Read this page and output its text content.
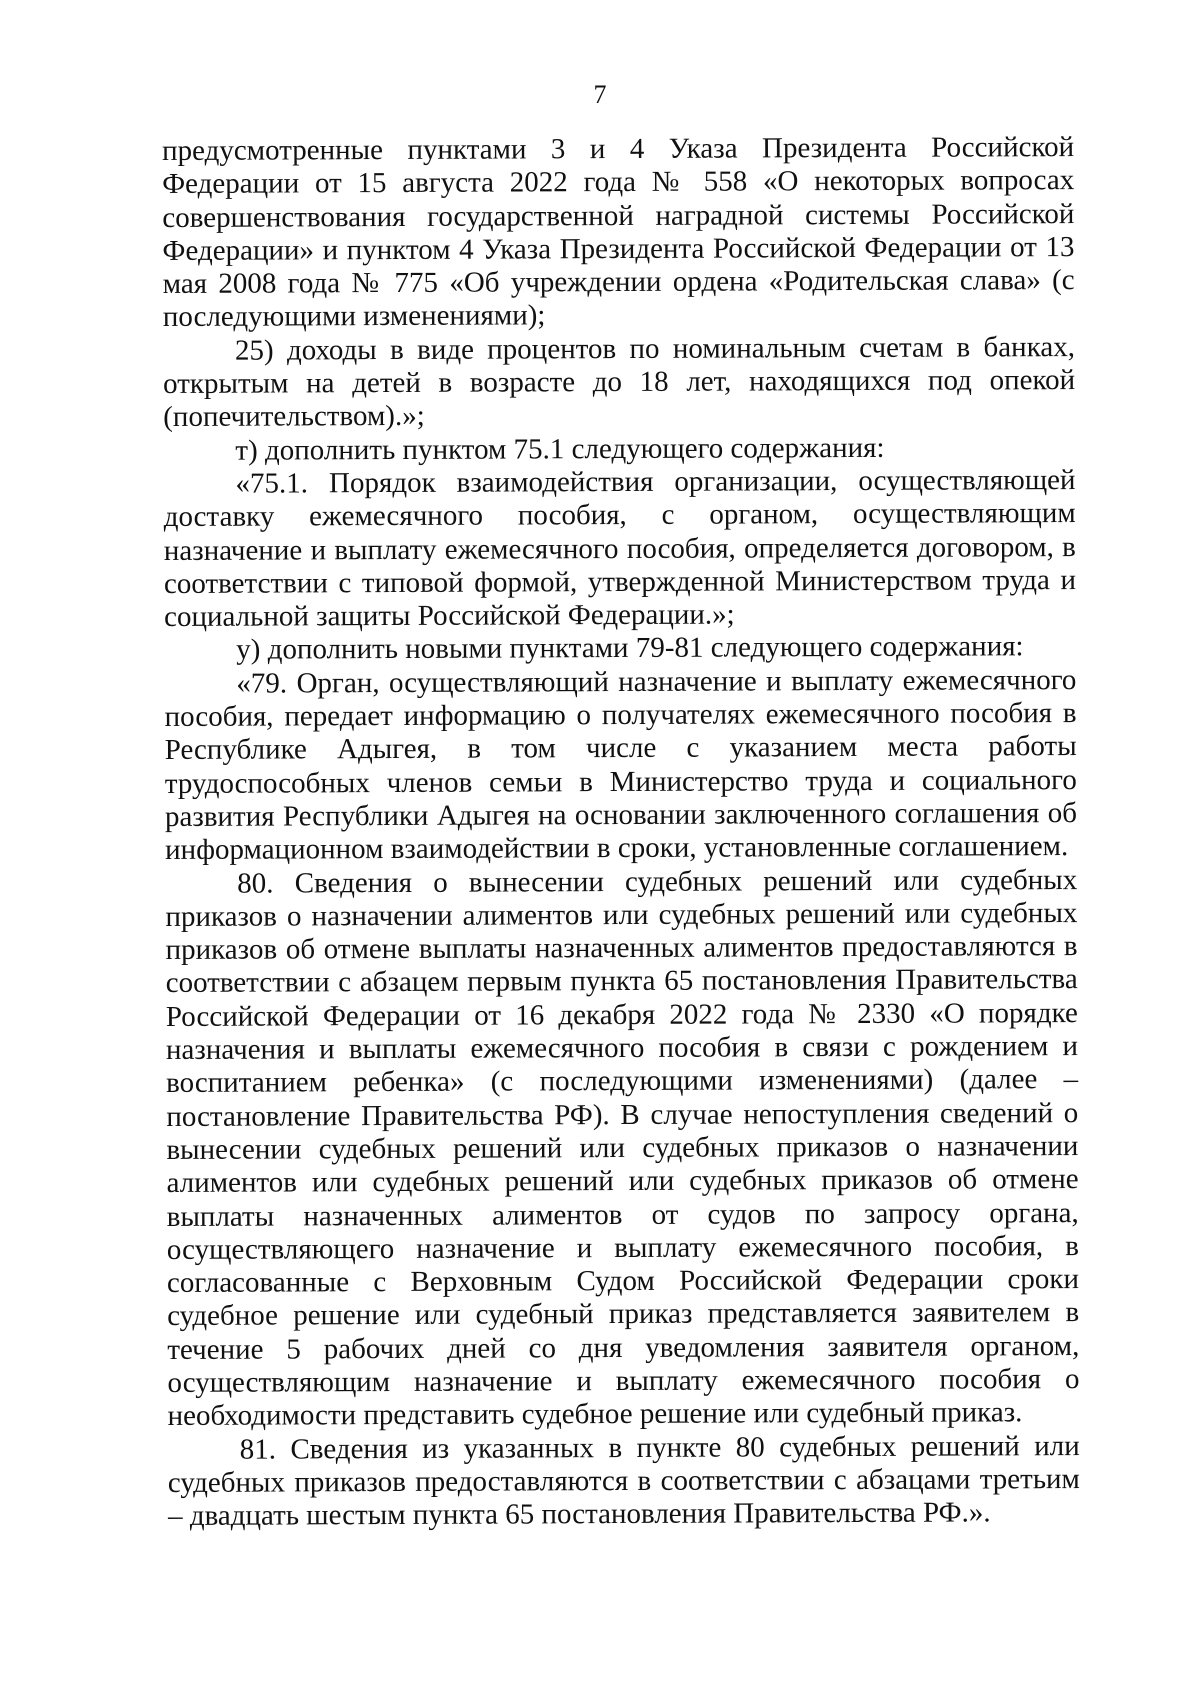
7

предусмотренные пунктами 3 и 4 Указа Президента Российской Федерации от 15 августа 2022 года № 558 «О некоторых вопросах совершенствования государственной наградной системы Российской Федерации» и пунктом 4 Указа Президента Российской Федерации от 13 мая 2008 года № 775 «Об учреждении ордена «Родительская слава» (с последующими изменениями);

25) доходы в виде процентов по номинальным счетам в банках, открытым на детей в возрасте до 18 лет, находящихся под опекой (попечительством).»;

т) дополнить пунктом 75.1 следующего содержания:

«75.1. Порядок взаимодействия организации, осуществляющей доставку ежемесячного пособия, с органом, осуществляющим назначение и выплату ежемесячного пособия, определяется договором, в соответствии с типовой формой, утвержденной Министерством труда и социальной защиты Российской Федерации.»;

у) дополнить новыми пунктами 79-81 следующего содержания:

«79. Орган, осуществляющий назначение и выплату ежемесячного пособия, передает информацию о получателях ежемесячного пособия в Республике Адыгея, в том числе с указанием места работы трудоспособных членов семьи в Министерство труда и социального развития Республики Адыгея на основании заключенного соглашения об информационном взаимодействии в сроки, установленные соглашением.

80. Сведения о вынесении судебных решений или судебных приказов о назначении алиментов или судебных решений или судебных приказов об отмене выплаты назначенных алиментов предоставляются в соответствии с абзацем первым пункта 65 постановления Правительства Российской Федерации от 16 декабря 2022 года № 2330 «О порядке назначения и выплаты ежемесячного пособия в связи с рождением и воспитанием ребенка» (с последующими изменениями) (далее – постановление Правительства РФ). В случае непоступления сведений о вынесении судебных решений или судебных приказов о назначении алиментов или судебных решений или судебных приказов об отмене выплаты назначенных алиментов от судов по запросу органа, осуществляющего назначение и выплату ежемесячного пособия, в согласованные с Верховным Судом Российской Федерации сроки судебное решение или судебный приказ представляется заявителем в течение 5 рабочих дней со дня уведомления заявителя органом, осуществляющим назначение и выплату ежемесячного пособия о необходимости представить судебное решение или судебный приказ.

81. Сведения из указанных в пункте 80 судебных решений или судебных приказов предоставляются в соответствии с абзацами третьим – двадцать шестым пункта 65 постановления Правительства РФ.».
